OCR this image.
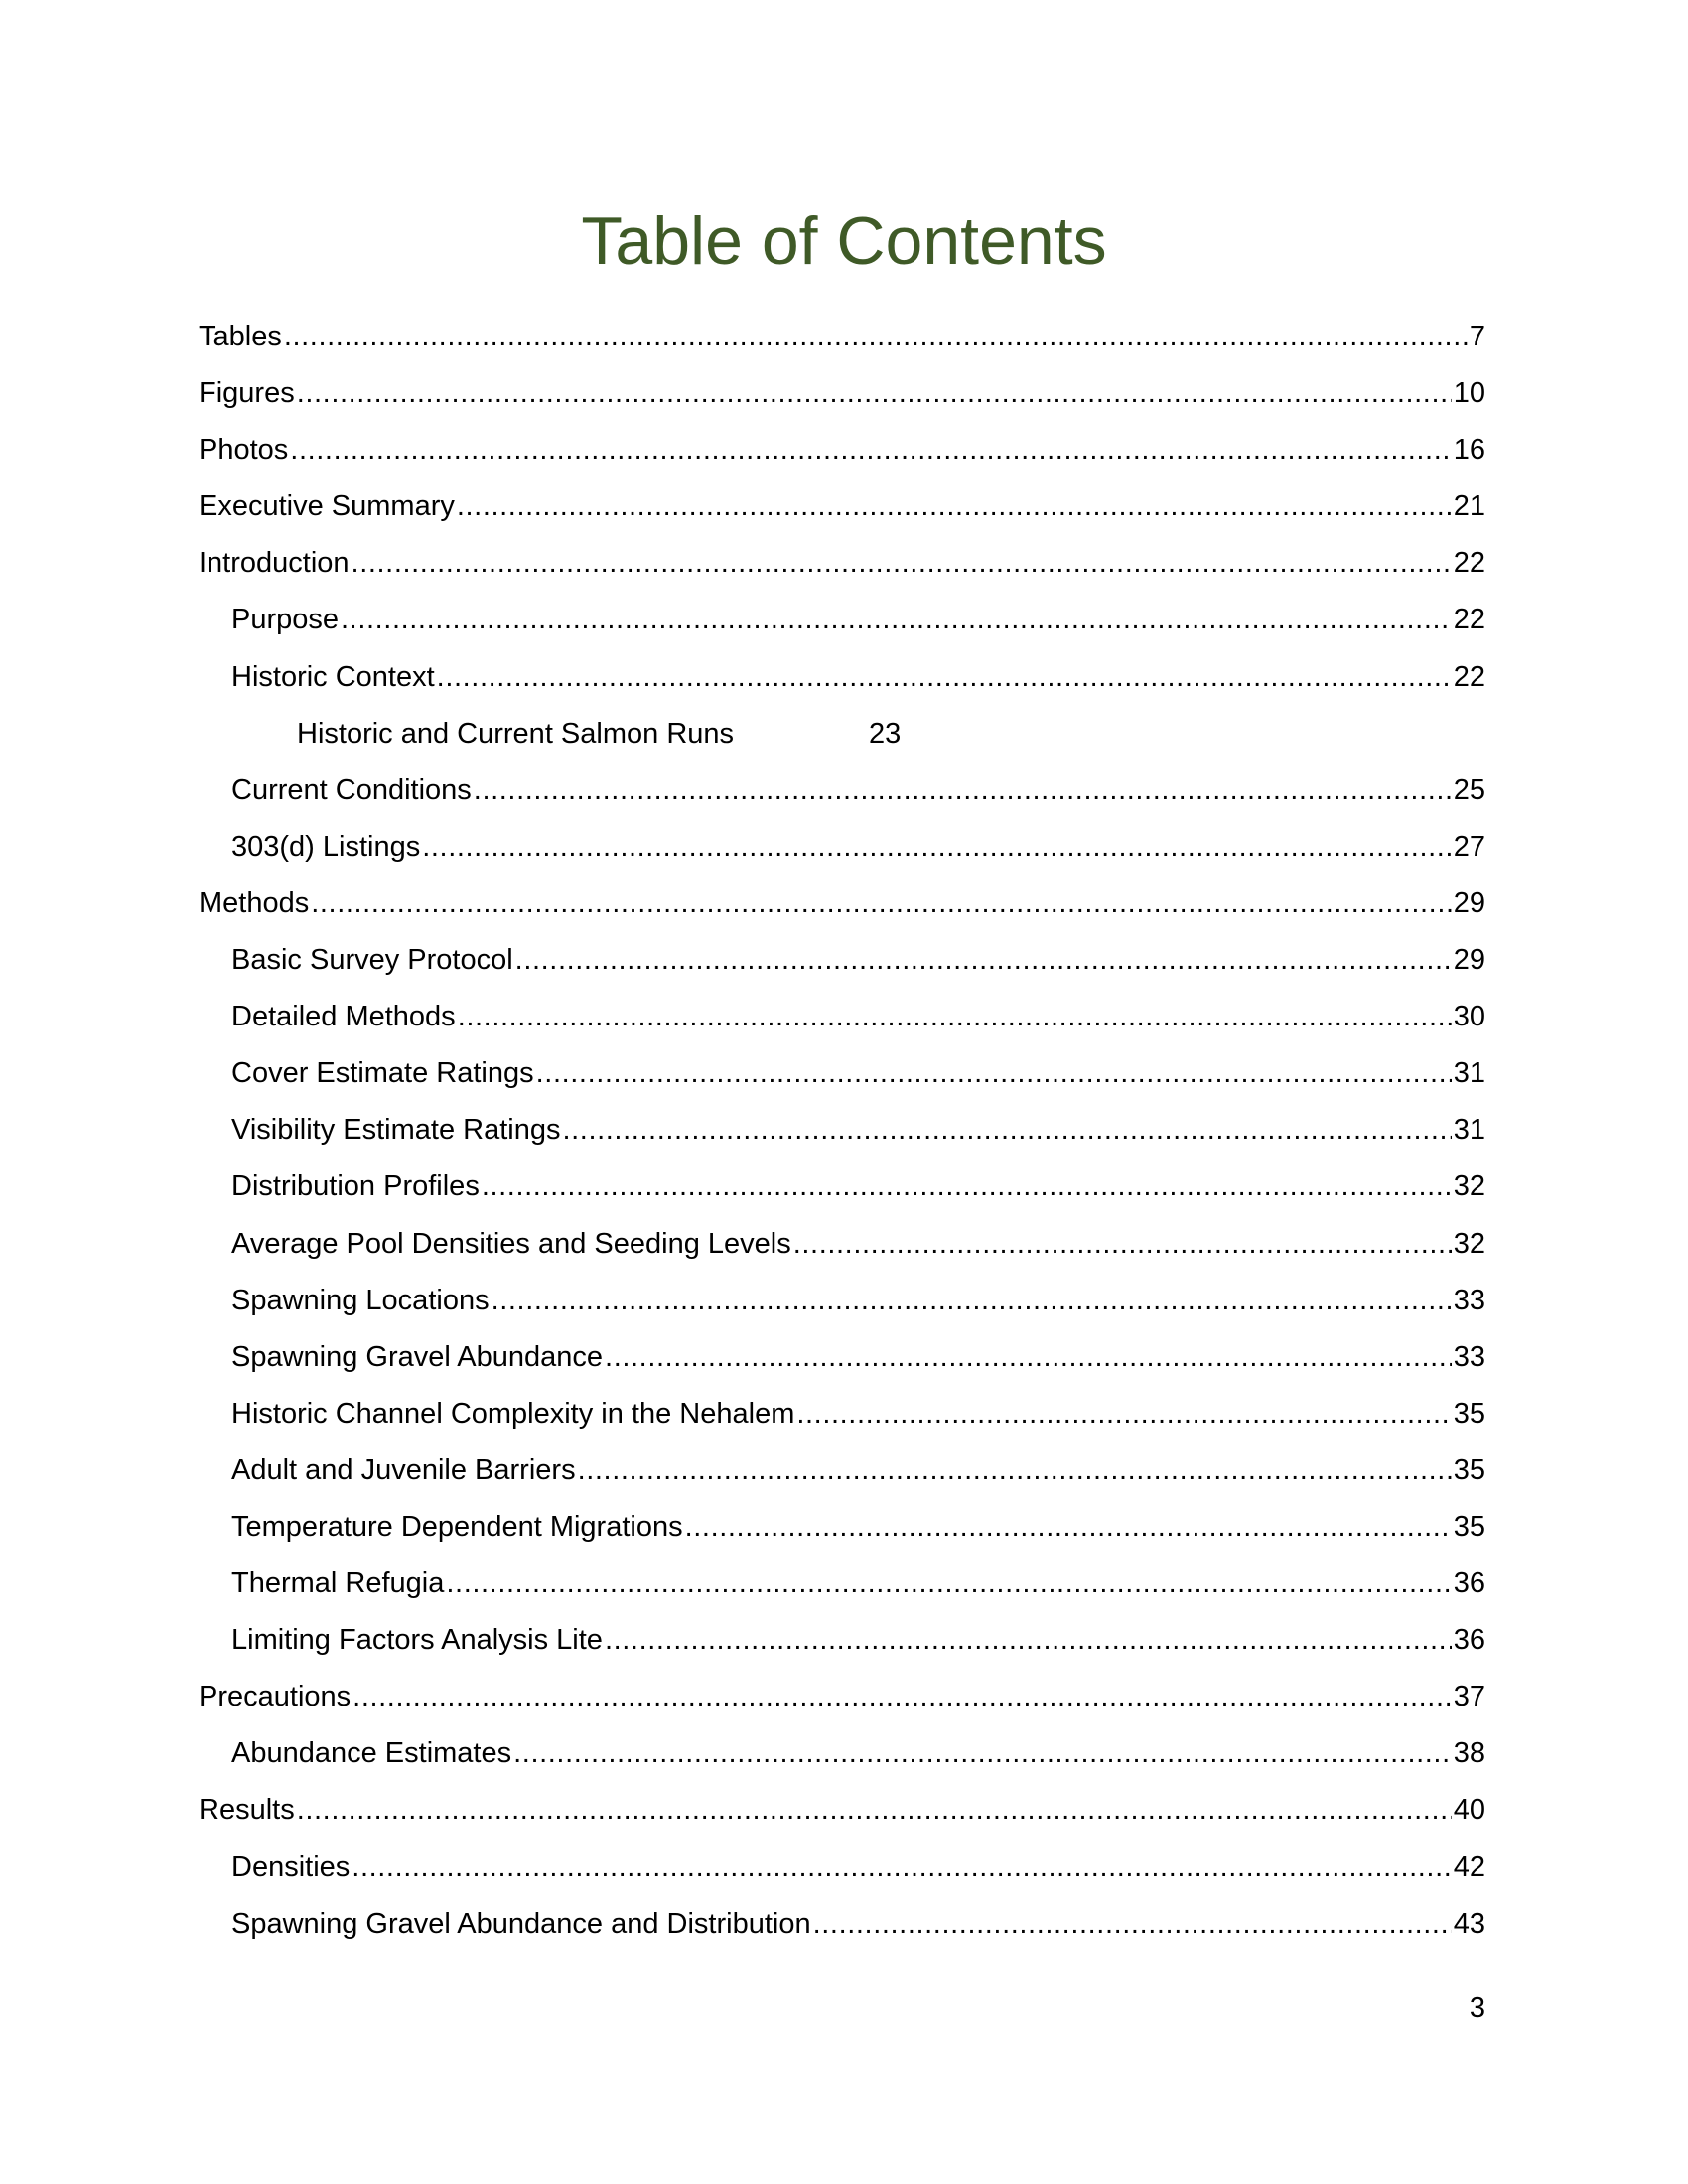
Table of Contents
Tables .....	7
Figures .....	10
Photos .....	16
Executive Summary .....	21
Introduction .....	22
Purpose .....	22
Historic Context .....	22
Historic and Current Salmon Runs	23
Current Conditions .....	25
303(d) Listings .....	27
Methods .....	29
Basic Survey Protocol .....	29
Detailed Methods .....	30
Cover Estimate Ratings .....	31
Visibility Estimate Ratings .....	31
Distribution Profiles .....	32
Average Pool Densities and Seeding Levels .....	32
Spawning Locations .....	33
Spawning Gravel Abundance .....	33
Historic Channel Complexity in the Nehalem .....	35
Adult and Juvenile Barriers .....	35
Temperature Dependent Migrations .....	35
Thermal Refugia .....	36
Limiting Factors Analysis Lite .....	36
Precautions .....	37
Abundance Estimates .....	38
Results .....	40
Densities .....	42
Spawning Gravel Abundance and Distribution .....	43
3
